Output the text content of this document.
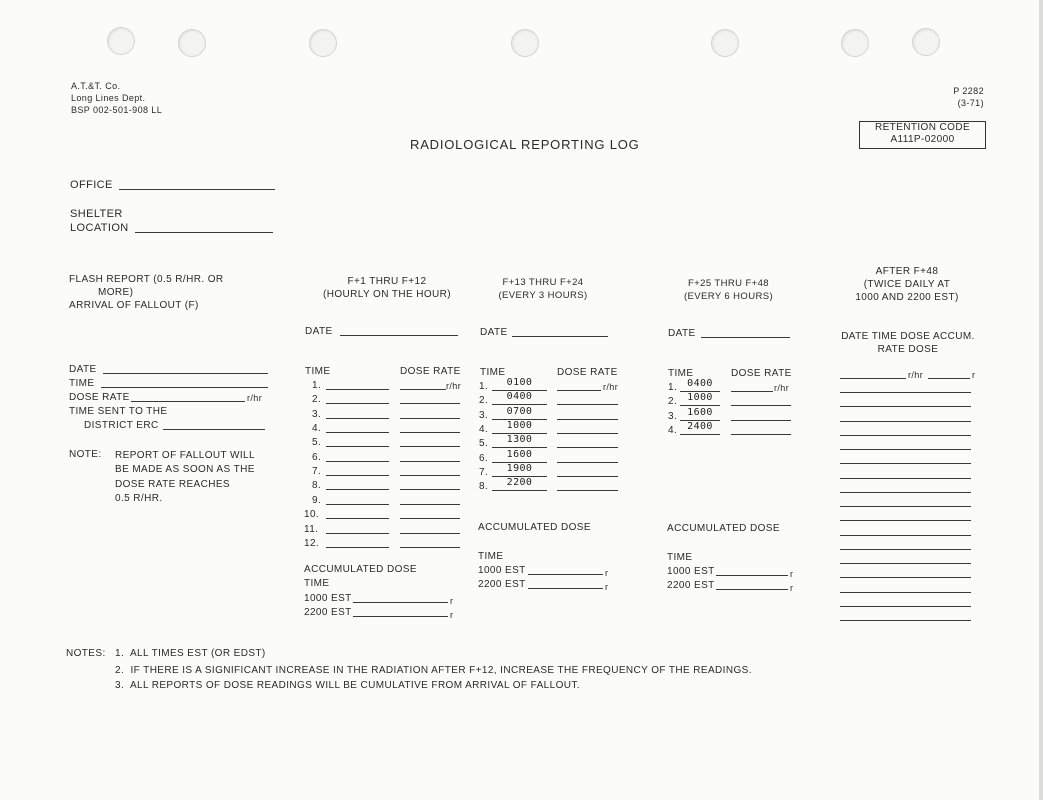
A.T.&T. Co.
Long Lines Dept.
BSP 002-501-908 LL
P 2282
(3-71)
RETENTION CODE
A111P-02000
RADIOLOGICAL REPORTING LOG
OFFICE
SHELTER
LOCATION
FLASH REPORT (0.5 R/HR. OR
MORE)
ARRIVAL OF FALLOUT (F)
DATE
TIME
DOSE RATE	r/hr
TIME SENT TO THE
DISTRICT ERC
NOTE: REPORT OF FALLOUT WILL
BE MADE AS SOON AS THE
DOSE RATE REACHES
0.5 R/HR.
F+1 THRU F+12
(HOURLY ON THE HOUR)
DATE
TIME	DOSE RATE
1.
2.
3.
4.
5.
6.
7.
8.
9.
10.
11.
12.
r/hr
ACCUMULATED DOSE
TIME
1000 EST	r
2200 EST	r
F+13 THRU F+24
(EVERY 3 HOURS)
DATE
TIME	DOSE RATE
1.	0100
2.	0400
3.	0700
4.	1000
5.	1300
6.	1600
7.	1900
8.	2200
r/hr
ACCUMULATED DOSE
TIME
1000 EST	r
2200 EST	r
F+25 THRU F+48
(EVERY 6 HOURS)
DATE
TIME	DOSE RATE
1.	0400
2.	1000
3.	1600
4.	2400
r/hr
ACCUMULATED DOSE
TIME
1000 EST	r
2200 EST	r
AFTER F+48
(TWICE DAILY AT
1000 AND 2200 EST)
DATE TIME DOSE ACCUM.
RATE DOSE
r/hr	r
NOTES: 1.  ALL TIMES EST (OR EDST)
2.  IF THERE IS A SIGNIFICANT INCREASE IN THE RADIATION AFTER F+12, INCREASE THE FREQUENCY OF THE READINGS.
3.  ALL REPORTS OF DOSE READINGS WILL BE CUMULATIVE FROM ARRIVAL OF FALLOUT.
